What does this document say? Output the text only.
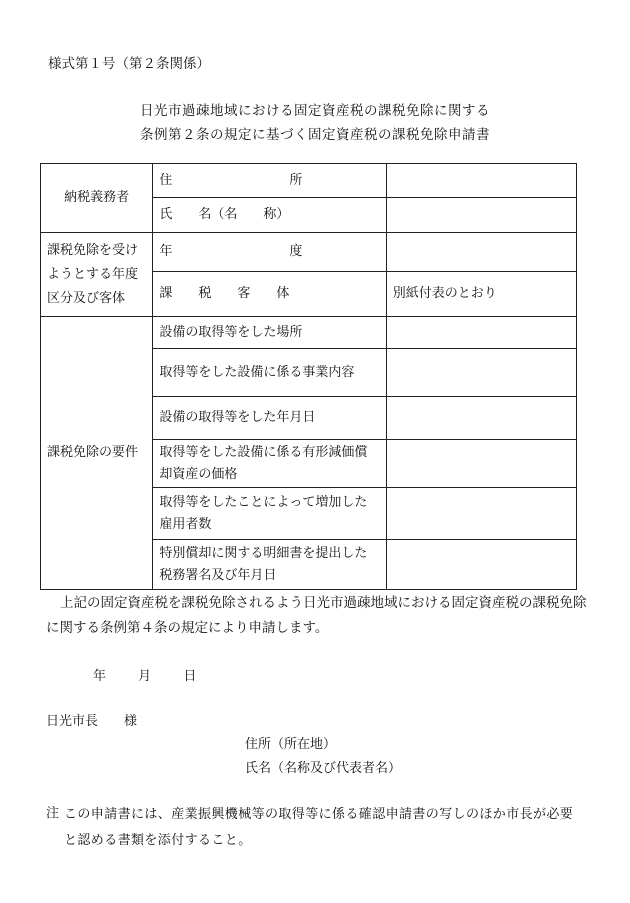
様式第１号（第２条関係）
日光市過疎地域における固定資産税の課税免除に関する
条例第２条の規定に基づく固定資産税の課税免除申請書
納税義務者	住　　　　　　　　　所	
	氏　　名（名　　称）	
課税免除を受けようとする年度区分及び客体	年　　　　　　　　　度	
	課　　税　　客　　体	別紙付表のとおり
課税免除の要件	設備の取得等をした場所	
	取得等をした設備に係る事業内容	
	設備の取得等をした年月日	
	取得等をした設備に係る有形減価償却資産の価格	
	取得等をしたことによって増加した雇用者数	
	特別償却に関する明細書を提出した税務署名及び年月日	
上記の固定資産税を課税免除されるよう日光市過疎地域における固定資産税の課税免除に関する条例第４条の規定により申請します。
年 月 日
日光市長　　様
住所（所在地）
氏名（名称及び代表者名）
注 この申請書には、産業振興機械等の取得等に係る確認申請書の写しのほか市長が必要と認める書類を添付すること。
